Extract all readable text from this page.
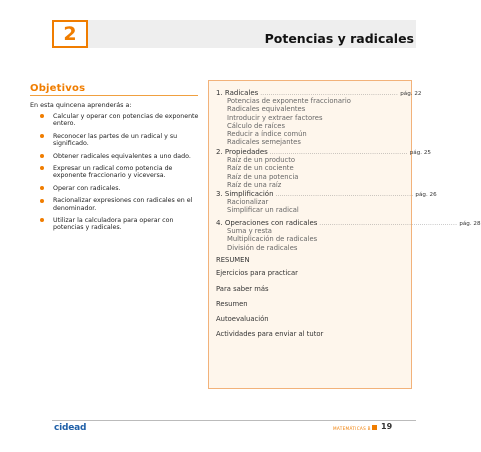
2	Potencias y radicales
Objetivos
En esta quincena aprenderás a:
Calcular y operar con potencias de exponente entero.
Reconocer las partes de un radical y su significado.
Obtener radicales equivalentes a uno dado.
Expresar un radical como potencia de exponente fraccionario y viceversa.
Operar con radicales.
Racionalizar expresiones con radicales en el denominador.
Utilizar la calculadora para operar con potencias y radicales.
1. Radicales .................................................................. pág. 22
Potencias de exponente fraccionario
Radicales equivalentes
Introducir y extraer factores
Cálculo de raíces
Reducir a índice común
Radicales semejantes
2. Propiedades .................................................................. pág. 25
Raíz de un producto
Raíz de un cociente
Raíz de una potencia
Raíz de una raíz
3. Simplificación .................................................................. pág. 26
Racionalizar
Simplificar un radical
4. Operaciones con radicales .................................................................. pág. 28
Suma y resta
Multiplicación de radicales
División de radicales
RESUMEN
Ejercicios para practicar
Para saber más
Resumen
Autoevaluación
Actividades para enviar al tutor
cidead	MATEMÁTICAS B 19
